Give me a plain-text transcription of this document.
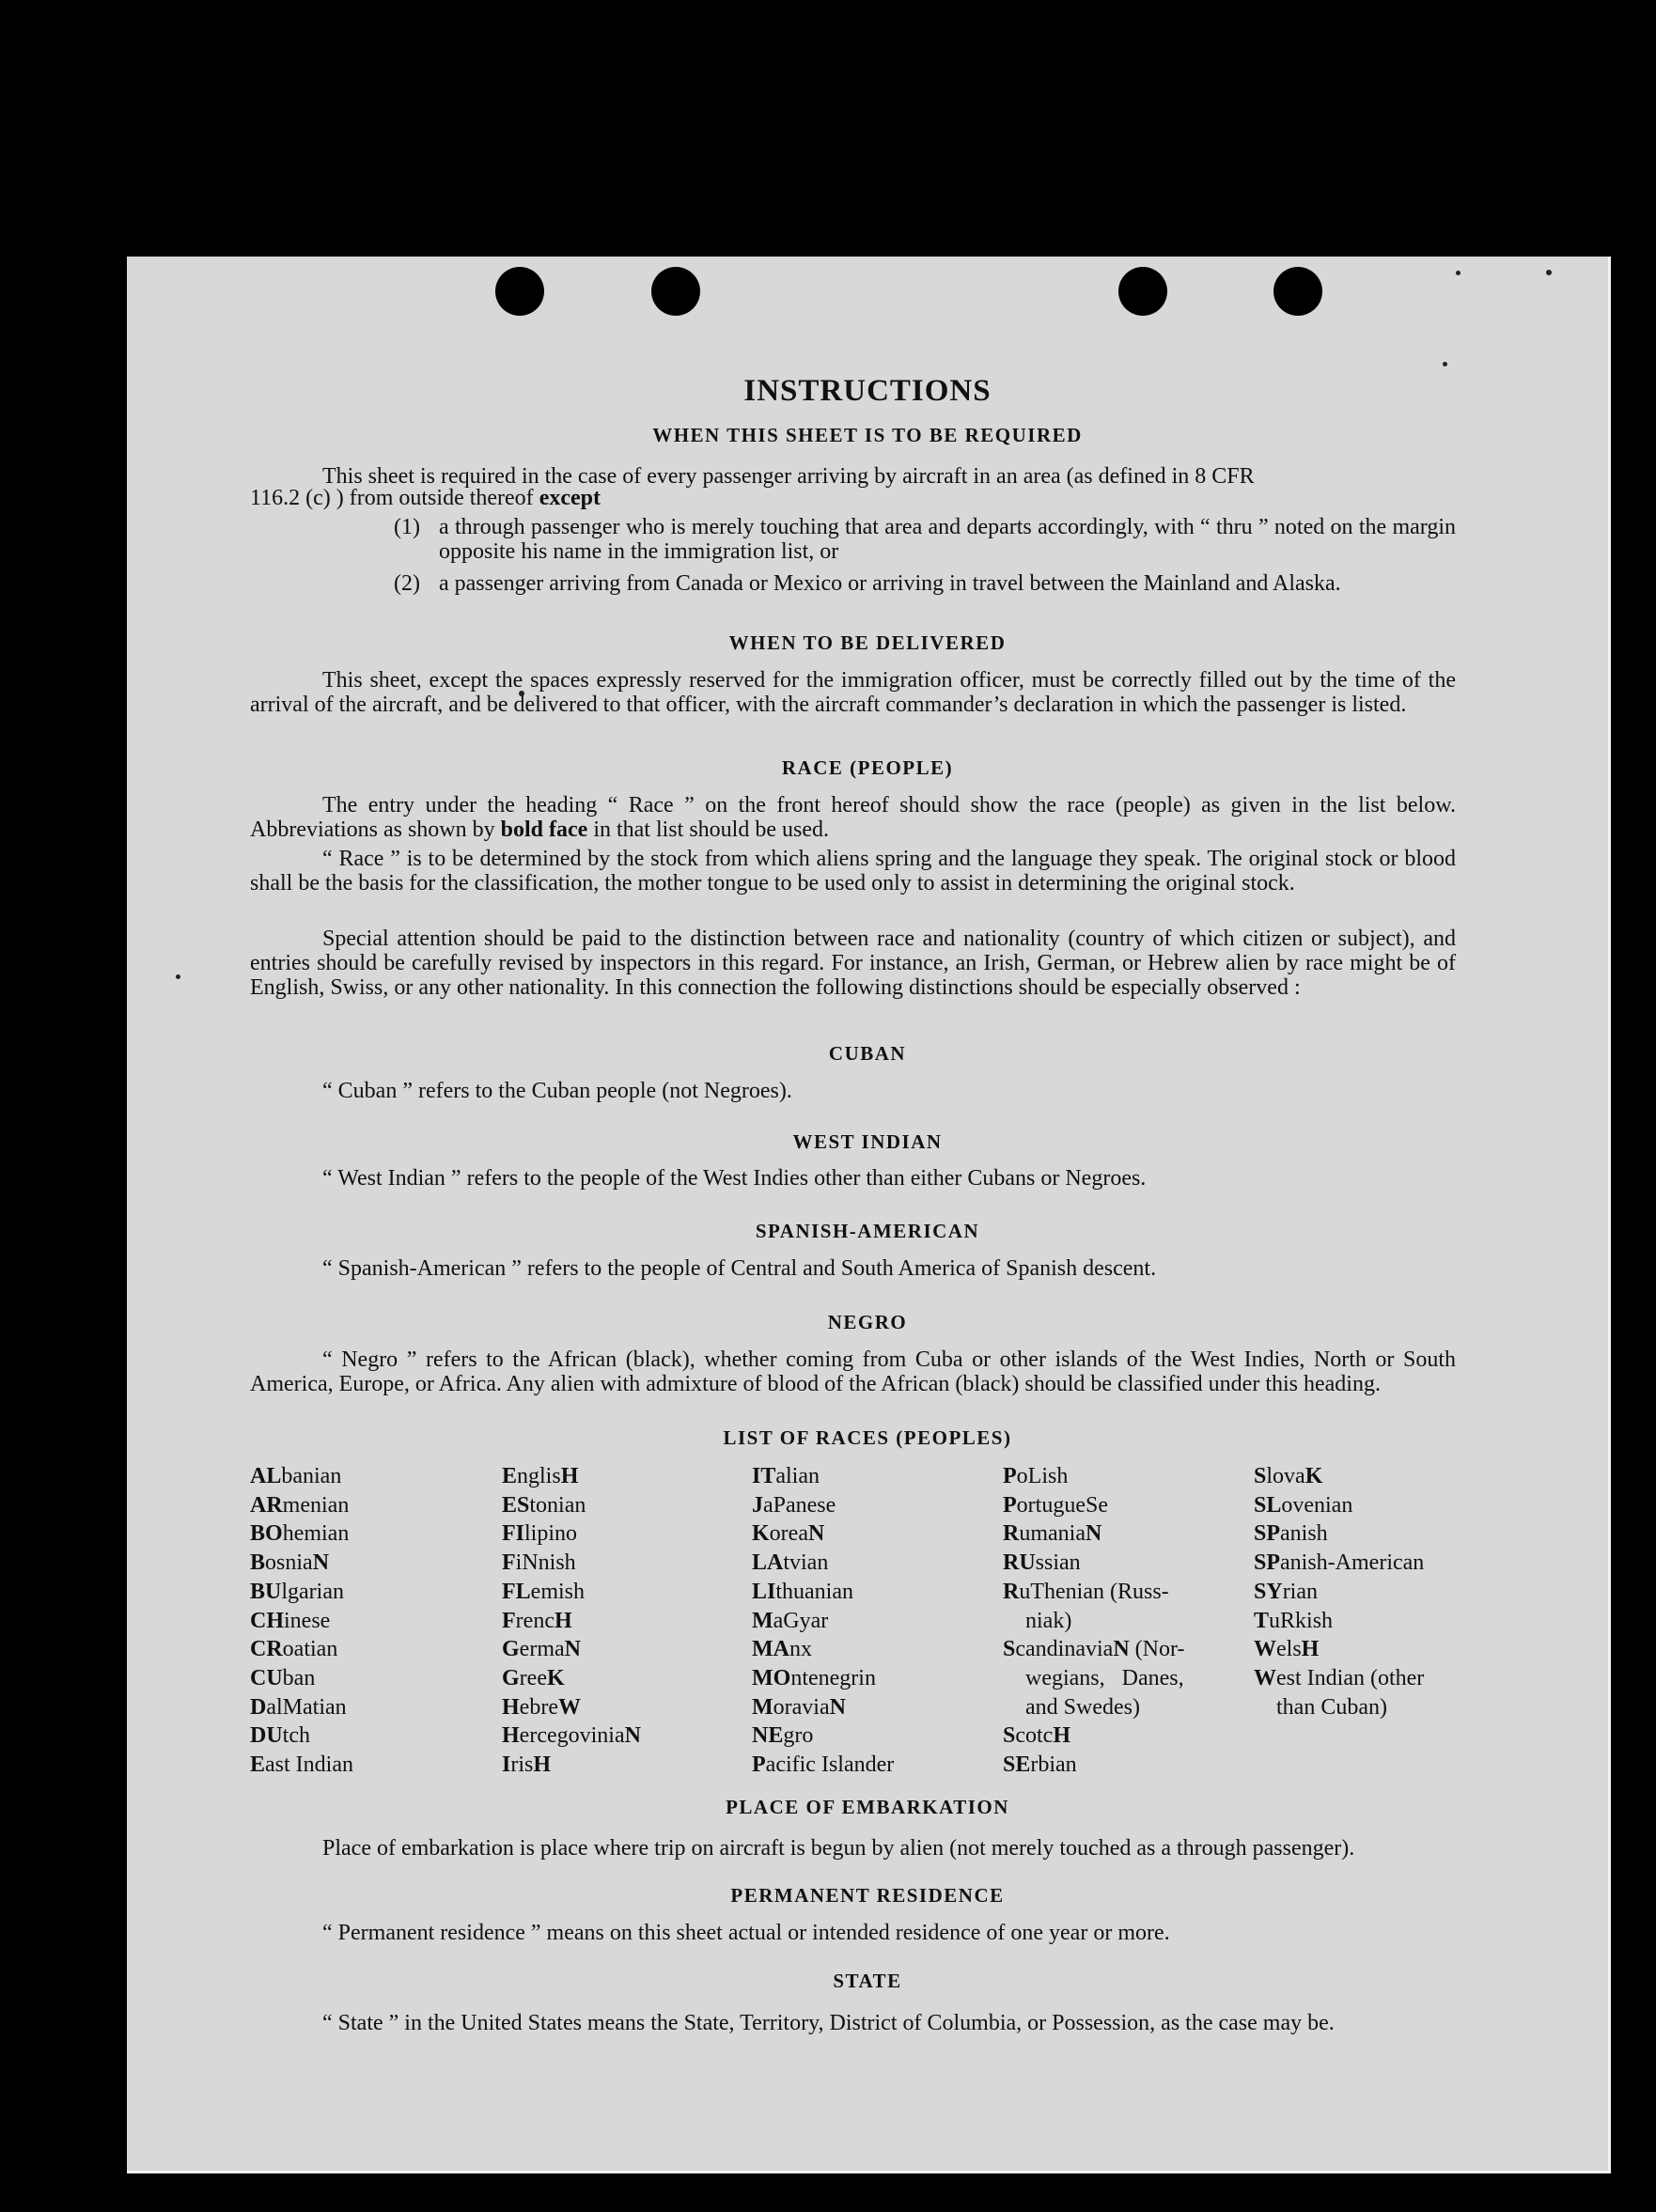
INSTRUCTIONS
WHEN THIS SHEET IS TO BE REQUIRED
This sheet is required in the case of every passenger arriving by aircraft in an area (as defined in 8 CFR
116.2 (c) ) from outside thereof except
(1) a through passenger who is merely touching that area and departs accordingly, with “ thru ” noted on the margin opposite his name in the immigration list, or
(2) a passenger arriving from Canada or Mexico or arriving in travel between the Mainland and Alaska.
WHEN TO BE DELIVERED
This sheet, except the spaces expressly reserved for the immigration officer, must be correctly filled out by the time of the arrival of the aircraft, and be delivered to that officer, with the aircraft commander’s declaration in which the passenger is listed.
RACE (PEOPLE)
The entry under the heading “ Race ” on the front hereof should show the race (people) as given in the list below. Abbreviations as shown by bold face in that list should be used.
“ Race ” is to be determined by the stock from which aliens spring and the language they speak. The original stock or blood shall be the basis for the classification, the mother tongue to be used only to assist in determining the original stock.
Special attention should be paid to the distinction between race and nationality (country of which citizen or subject), and entries should be carefully revised by inspectors in this regard. For instance, an Irish, German, or Hebrew alien by race might be of English, Swiss, or any other nationality. In this connection the following distinctions should be especially observed :
CUBAN
“ Cuban ” refers to the Cuban people (not Negroes).
WEST INDIAN
“ West Indian ” refers to the people of the West Indies other than either Cubans or Negroes.
SPANISH-AMERICAN
“ Spanish-American ” refers to the people of Central and South America of Spanish descent.
NEGRO
“ Negro ” refers to the African (black), whether coming from Cuba or other islands of the West Indies, North or South America, Europe, or Africa. Any alien with admixture of blood of the African (black) should be classified under this heading.
LIST OF RACES (PEOPLES)
ALbanian
ARmenian
BOhemian
BosniaN
BUlgarian
CHinese
CRoatian
CUban
DalMatian
DUtch
East Indian
EnglisH
EStonian
FIlipino
FiNnish
FLemish
FrencH
GermaN
GreeK
HebreW
HercegoviniaN
IrisH
ITalian
JaPanese
KoreaN
LAtvian
LIthuanian
MaGyar
MAnx
MOntenegrin
MoraviaN
NEgro
Pacific Islander
PoLish
PortugueSe
RumaniaN
RUssian
RuThenian (Russ-
niak)
ScandinaviaN (Nor-
wegians,   Danes,
and Swedes)
ScotcH
SErbian
SlovaK
SLovenian
SPanish
SPanish-American
SYrian
TuRkish
WelsH
West Indian (other
than Cuban)
PLACE OF EMBARKATION
Place of embarkation is place where trip on aircraft is begun by alien (not merely touched as a through passenger).
PERMANENT RESIDENCE
“ Permanent residence ” means on this sheet actual or intended residence of one year or more.
STATE
“ State ” in the United States means the State, Territory, District of Columbia, or Possession, as the case may be.
